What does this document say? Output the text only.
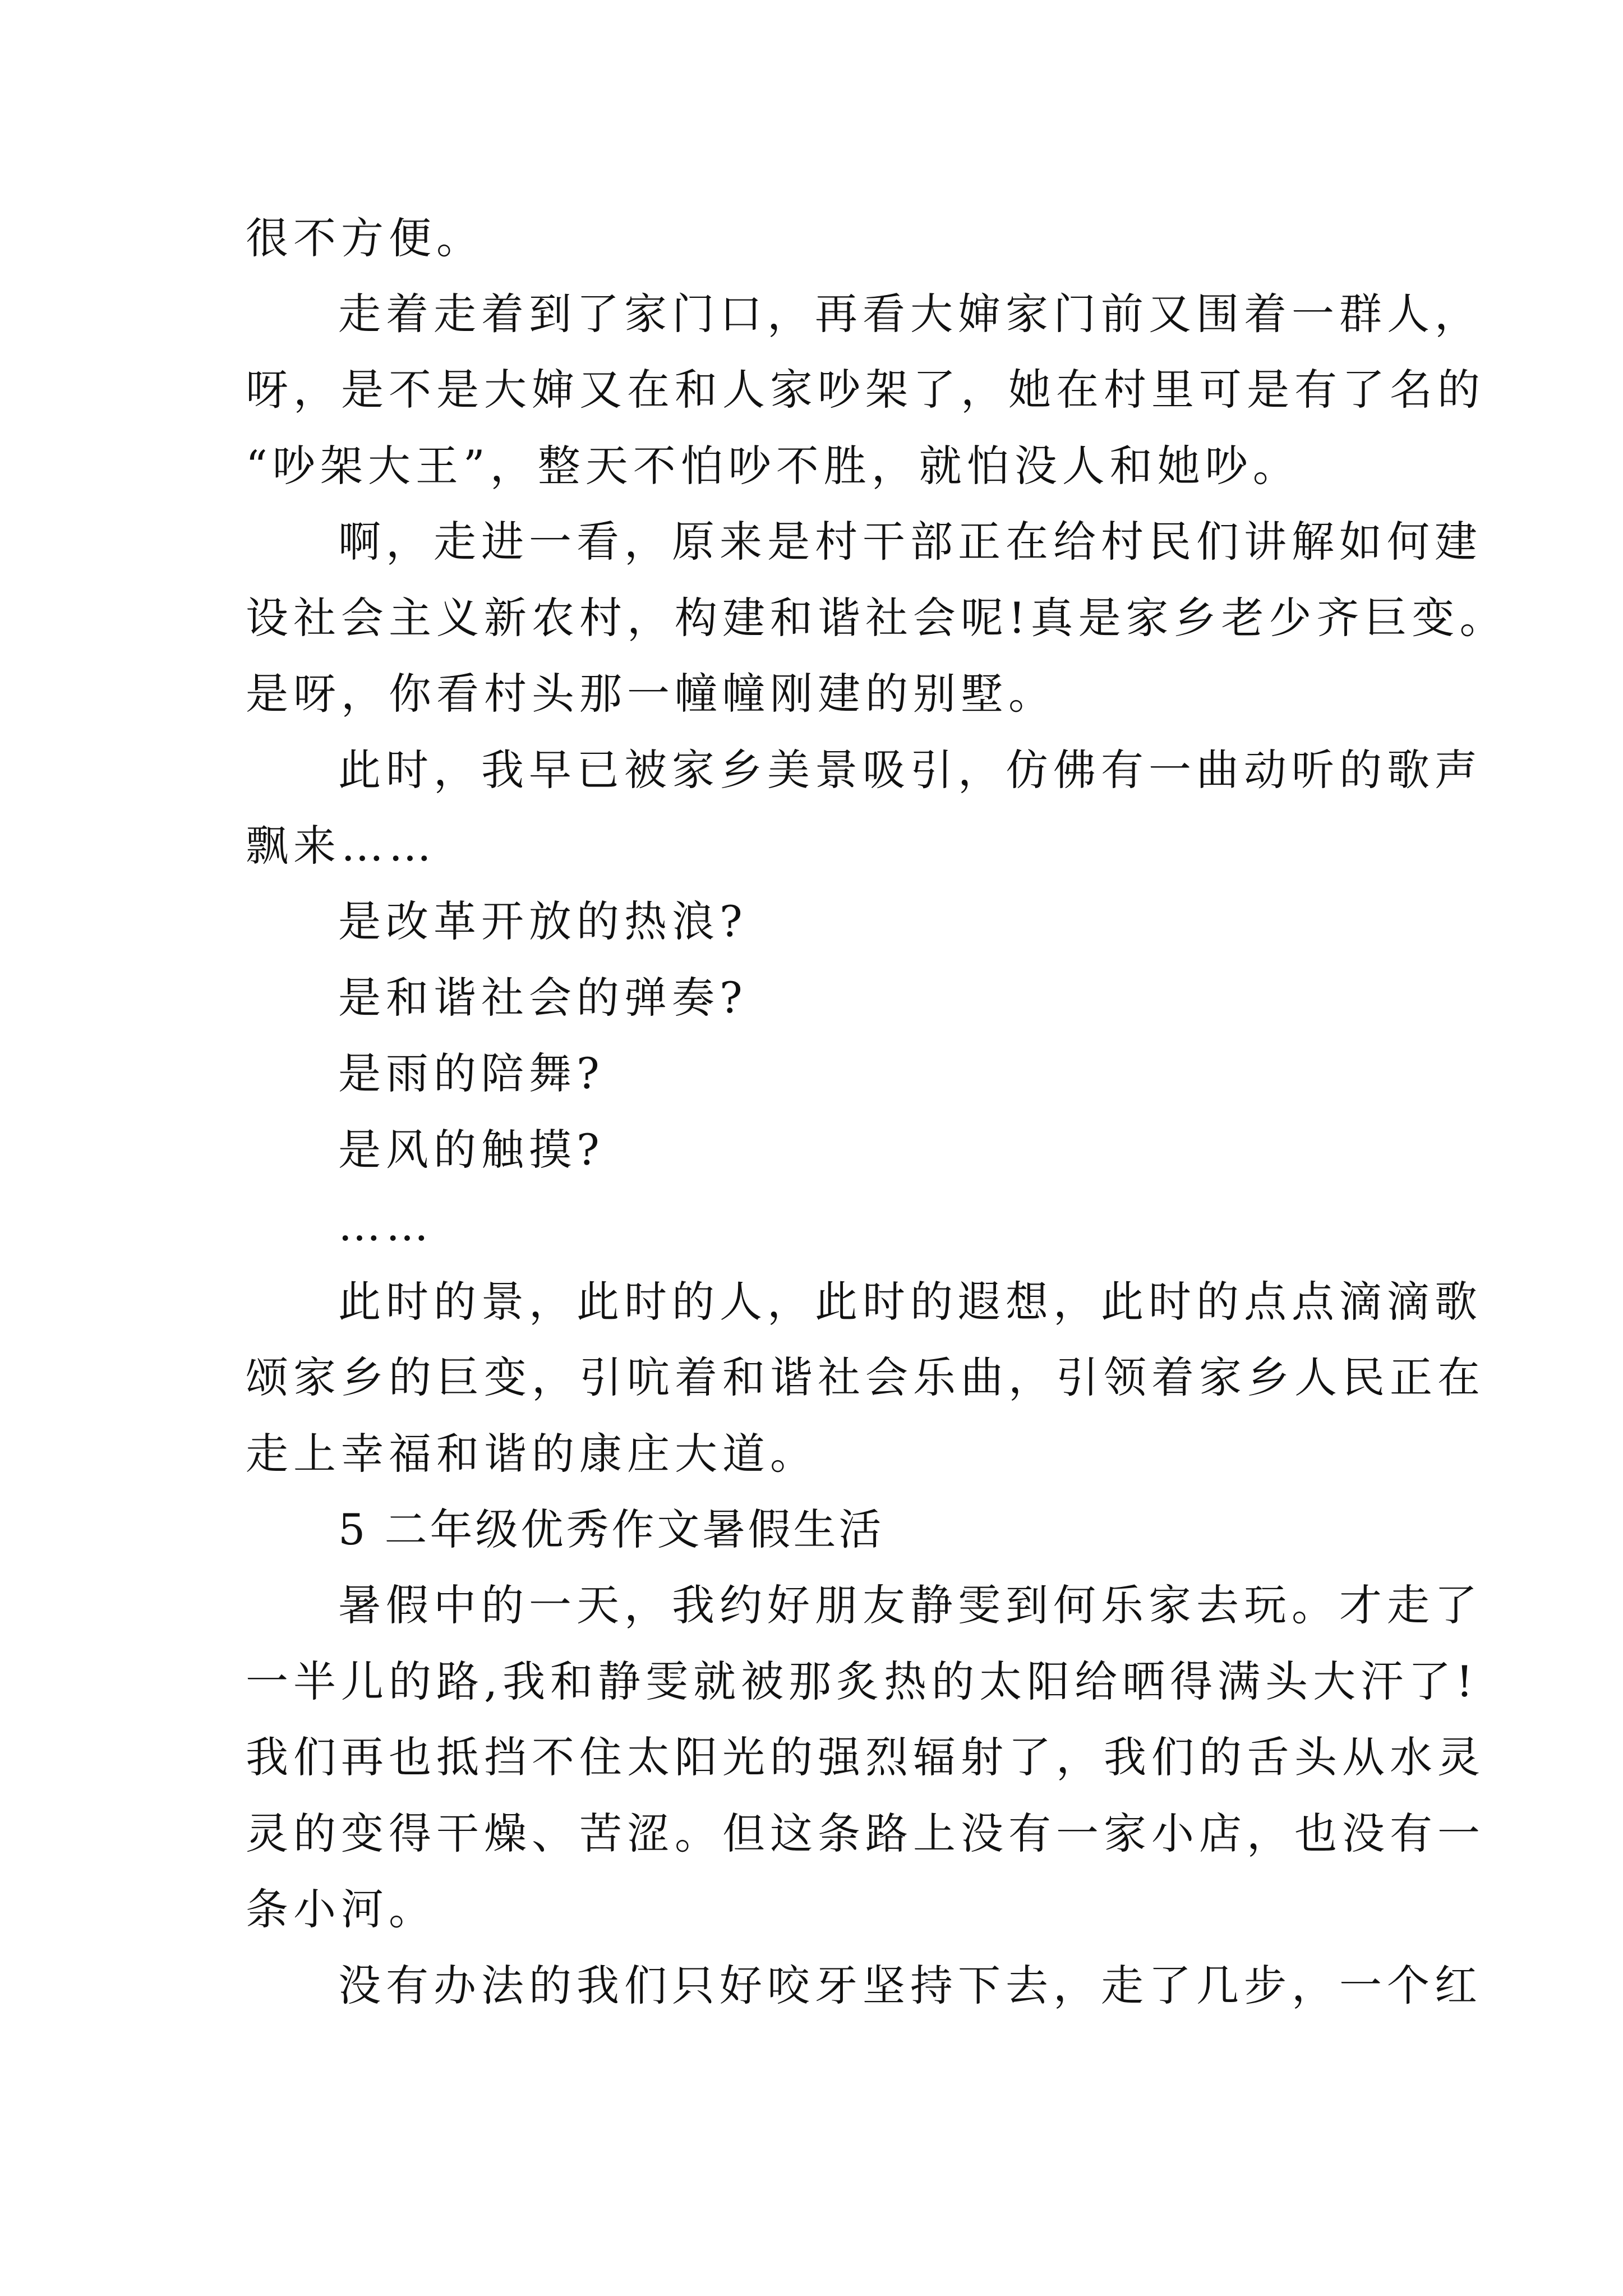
很不方便。
走着走着到了家门口，再看大婶家门前又围着一群人，
呀，是不是大婶又在和人家吵架了，她在村里可是有了名的
“吵架大王”，整天不怕吵不胜，就怕没人和她吵。
啊，走进一看，原来是村干部正在给村民们讲解如何建
设社会主义新农村，构建和谐社会呢!真是家乡老少齐巨变。
是呀，你看村头那一幢幢刚建的别墅。
此时，我早已被家乡美景吸引，仿佛有一曲动听的歌声
飘来……
是改革开放的热浪?
是和谐社会的弹奏?
是雨的陪舞?
是风的触摸?
……
此时的景，此时的人，此时的遐想，此时的点点滴滴歌
颂家乡的巨变，引吭着和谐社会乐曲，引领着家乡人民正在
走上幸福和谐的康庄大道。
5 二年级优秀作文暑假生活
暑假中的一天，我约好朋友静雯到何乐家去玩。才走了
一半儿的路,我和静雯就被那炙热的太阳给晒得满头大汗了!
我们再也抵挡不住太阳光的强烈辐射了，我们的舌头从水灵
灵的变得干燥、苦涩。但这条路上没有一家小店，也没有一
条小河。
没有办法的我们只好咬牙坚持下去，走了几步，一个红
